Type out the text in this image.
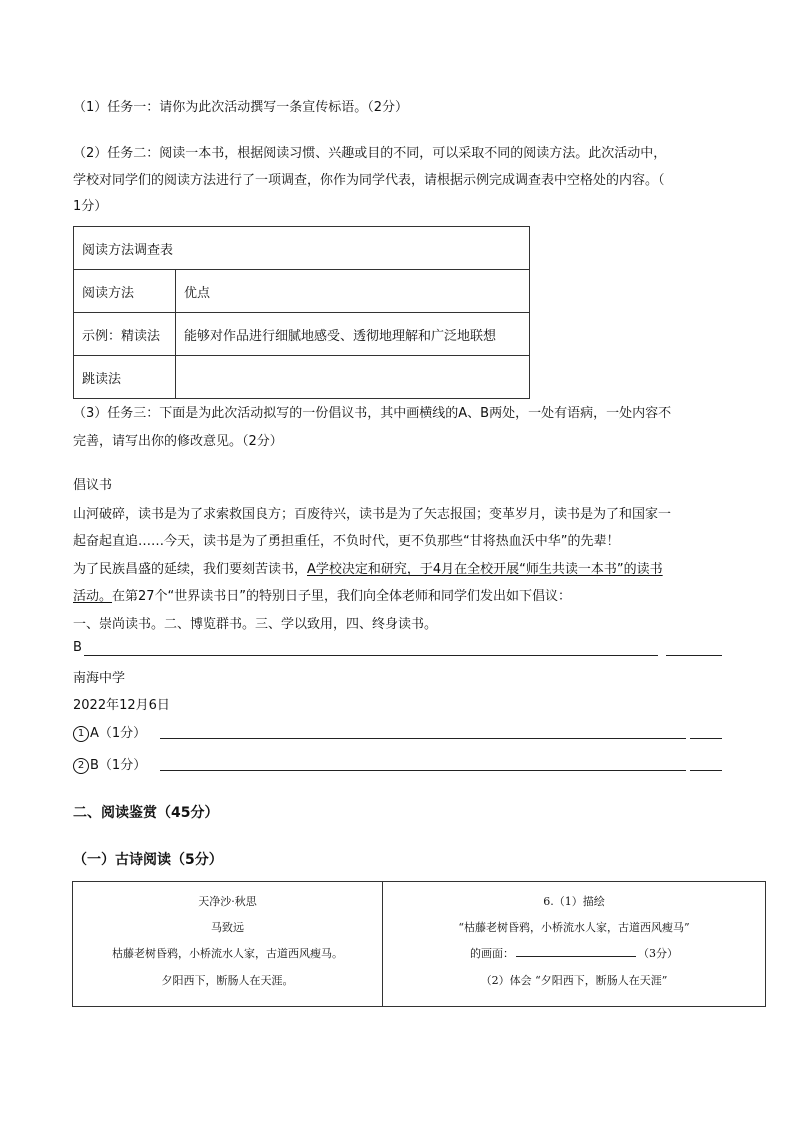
（1）任务一：请你为此次活动撰写一条宣传标语。（2分）
（2）任务二：阅读一本书，根据阅读习惯、兴趣或目的不同，可以采取不同的阅读方法。此次活动中，
学校对同学们的阅读方法进行了一项调查，你作为同学代表，请根据示例完成调查表中空格处的内容。（
1分）
阅读方法调查表	
阅读方法	优点
示例：精读法	能够对作品进行细腻地感受、透彻地理解和广泛地联想
跳读法	
（3）任务三：下面是为此次活动拟写的一份倡议书，其中画横线的A、B两处，一处有语病，一处内容不
完善，请写出你的修改意见。（2分）
倡议书
山河破碎，读书是为了求索救国良方；百废待兴，读书是为了矢志报国；变革岁月，读书是为了和国家一
起奋起直追……今天，读书是为了勇担重任，不负时代，更不负那些“甘将热血沃中华”的先辈！
为了民族昌盛的延续，我们要刻苦读书，A学校决定和研究，于4月在全校开展“师生共读一本书”的读书
活动。在第27个“世界读书日”的特别日子里，我们向全体老师和同学们发出如下倡议：
一、崇尚读书。二、博览群书。三、学以致用，四、终身读书。
B
南海中学
2022年12月6日
1 A（1分）
2 B（1分）
二、阅读鉴赏（45分）
（一）古诗阅读（5分）
天净沙·秋思
马致远
枯藤老树昏鸦，小桥流水人家，古道西风瘦马。
夕阳西下，断肠人在天涯。
6.（1）描绘
“枯藤老树昏鸦，小桥流水人家，古道西风瘦马”
的画面：	（3分）
（2）体会 “夕阳西下，断肠人在天涯”
